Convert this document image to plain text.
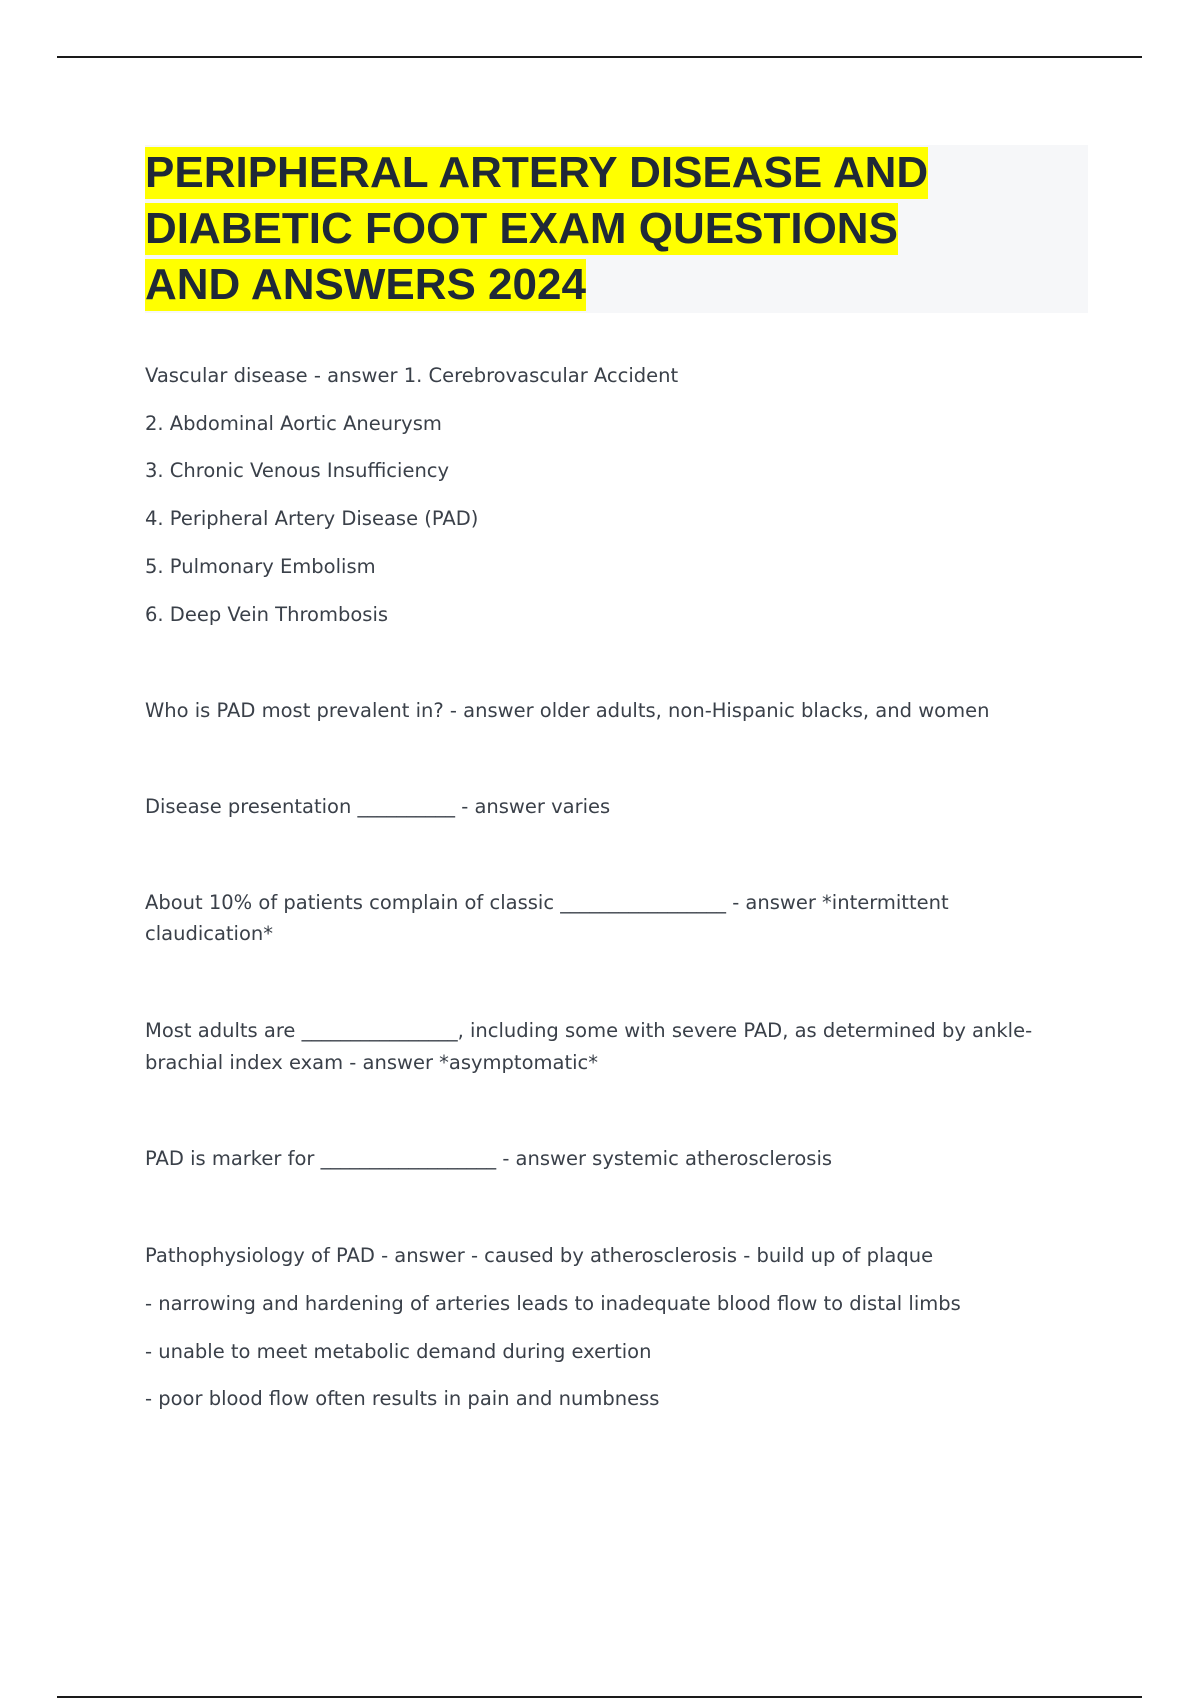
PERIPHERAL ARTERY DISEASE AND
DIABETIC FOOT EXAM QUESTIONS
AND ANSWERS 2024
Vascular disease - answer 1. Cerebrovascular Accident
2. Abdominal Aortic Aneurysm
3. Chronic Venous Insufficiency
4. Peripheral Artery Disease (PAD)
5. Pulmonary Embolism
6. Deep Vein Thrombosis
Who is PAD most prevalent in? - answer older adults, non-Hispanic blacks, and women
Disease presentation __________ - answer varies
About 10% of patients complain of classic _________________ - answer *intermittent
claudication*
Most adults are ________________, including some with severe PAD, as determined by ankle-
brachial index exam - answer *asymptomatic*
PAD is marker for __________________ - answer systemic atherosclerosis
Pathophysiology of PAD - answer - caused by atherosclerosis - build up of plaque
- narrowing and hardening of arteries leads to inadequate blood flow to distal limbs
- unable to meet metabolic demand during exertion
- poor blood flow often results in pain and numbness
